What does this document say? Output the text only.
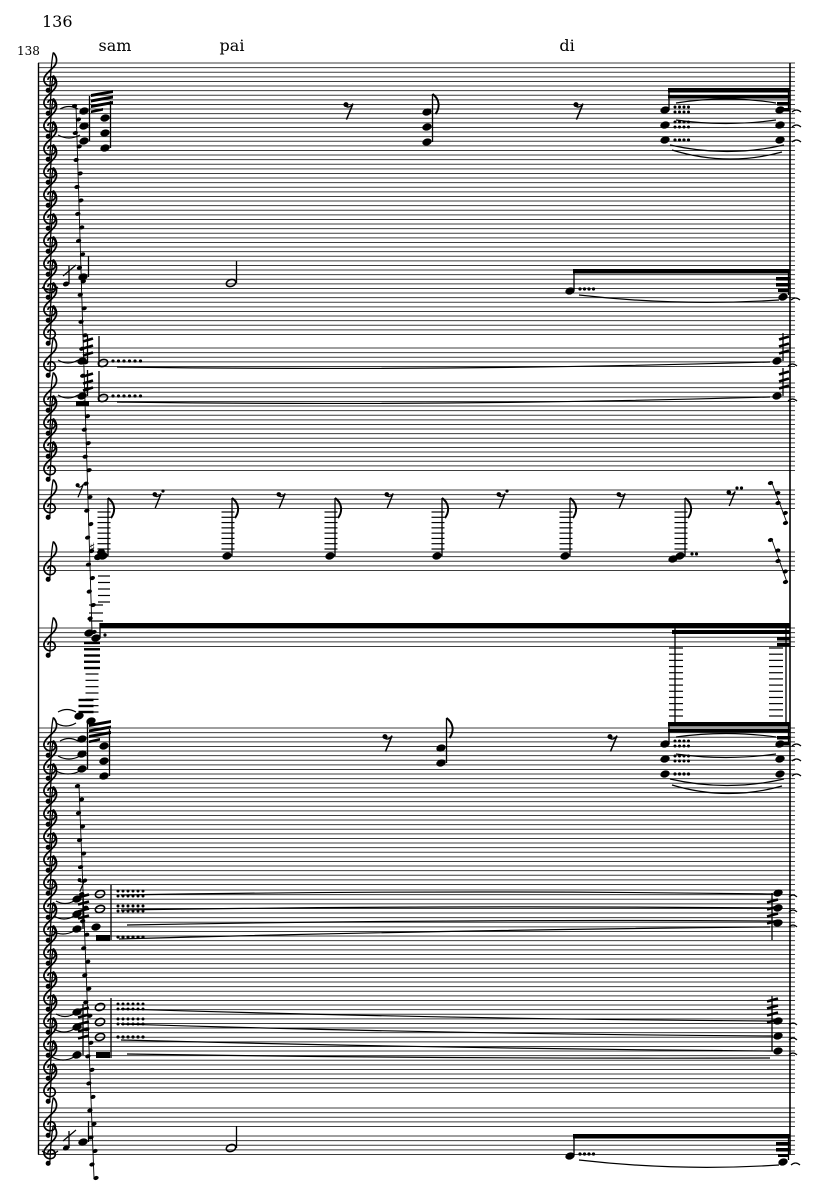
136
138	sam	pai	di
♯
